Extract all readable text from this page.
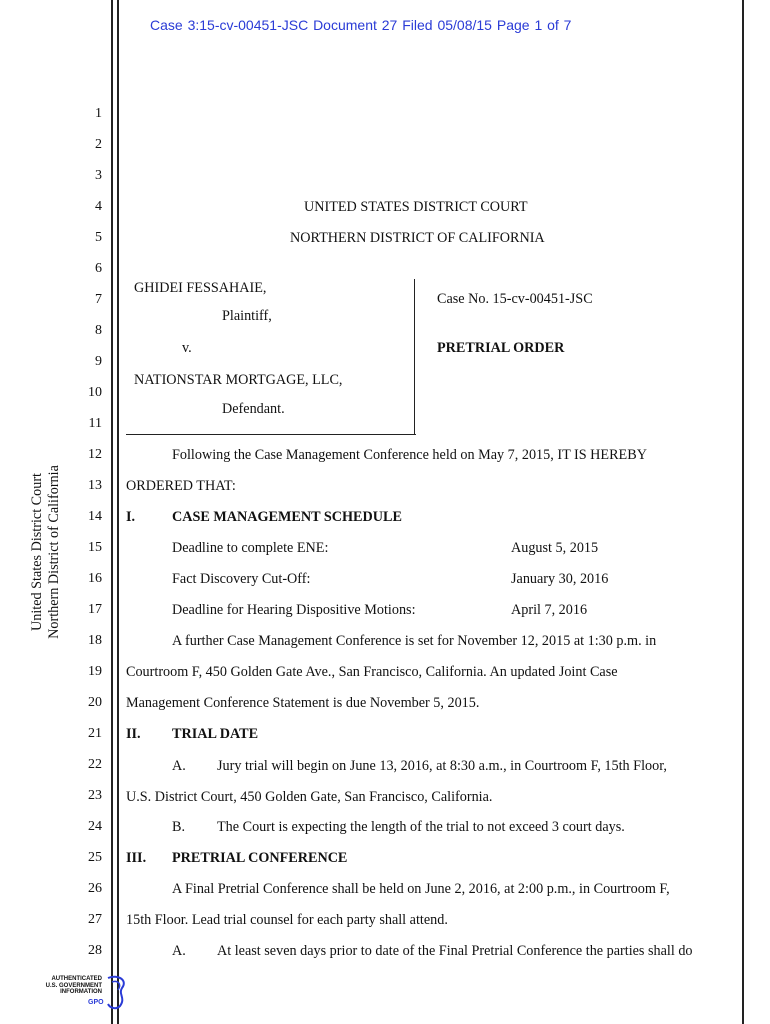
Case 3:15-cv-00451-JSC Document 27 Filed 05/08/15 Page 1 of 7
1
2
3
4
5
6
7
8
9
10
11
12
13
14
15
16
17
18
19
20
21
22
23
24
25
26
27
28
United States District Court Northern District of California
UNITED STATES DISTRICT COURT
NORTHERN DISTRICT OF CALIFORNIA
GHIDEI FESSAHAIE,
Plaintiff,
v.
NATIONSTAR MORTGAGE, LLC,
Defendant.
Case No. 15-cv-00451-JSC
PRETRIAL ORDER
Following the Case Management Conference held on May 7, 2015, IT IS HEREBY
ORDERED THAT:
I.	CASE MANAGEMENT SCHEDULE
Deadline to complete ENE:	August 5, 2015
Fact Discovery Cut-Off:	January 30, 2016
Deadline for Hearing Dispositive Motions:	April 7, 2016
A further Case Management Conference is set for November 12, 2015 at 1:30 p.m. in
Courtroom F, 450 Golden Gate Ave., San Francisco, California. An updated Joint Case
Management Conference Statement is due November 5, 2015.
II. TRIAL DATE
A. Jury trial will begin on June 13, 2016, at 8:30 a.m., in Courtroom F, 15th Floor,
U.S. District Court, 450 Golden Gate, San Francisco, California.
B. The Court is expecting the length of the trial to not exceed 3 court days.
III. PRETRIAL CONFERENCE
A Final Pretrial Conference shall be held on June 2, 2016, at 2:00 p.m., in Courtroom F,
15th Floor. Lead trial counsel for each party shall attend.
A. At least seven days prior to date of the Final Pretrial Conference the parties shall do
AUTHENTICATED
U.S. GOVERNMENT
INFORMATION
GPO
